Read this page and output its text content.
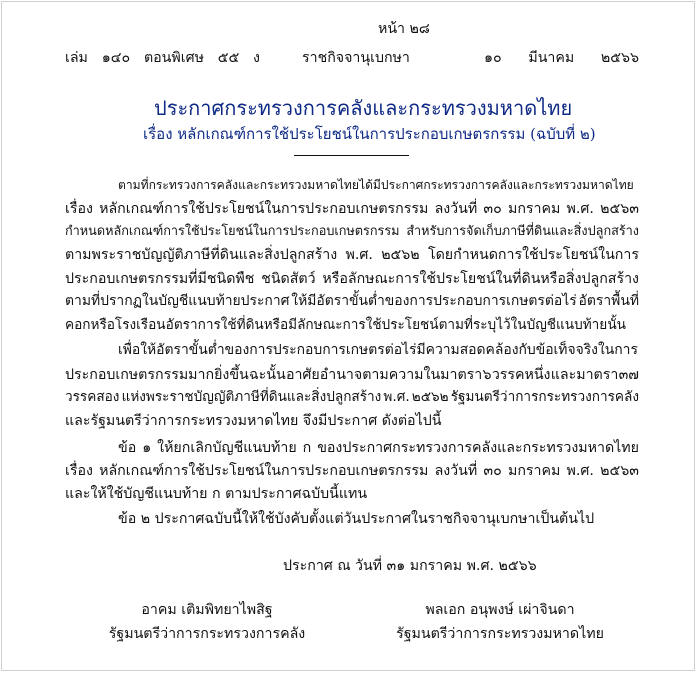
หน้า ๒๘
เล่ม ๑๔๐ ตอนพิเศษ ๕๕ ง	ราชกิจจานุเบกษา	๑๐ มีนาคม ๒๕๖๖
ประกาศกระทรวงการคลังและกระทรวงมหาดไทย
เรื่อง หลักเกณฑ์การใช้ประโยชน์ในการประกอบเกษตรกรรม (ฉบับที่ ๒)
ตามที่กระทรวงการคลังและกระทรวงมหาดไทยได้มีประกาศกระทรวงการคลังและกระทรวงมหาดไทย
เรื่อง หลักเกณฑ์การใช้ประโยชน์ในการประกอบเกษตรกรรม ลงวันที่ ๓๐ มกราคม พ.ศ. ๒๕๖๓
กำหนดหลักเกณฑ์การใช้ประโยชน์ในการประกอบเกษตรกรรม สำหรับการจัดเก็บภาษีที่ดินและสิ่งปลูกสร้าง
ตามพระราชบัญญัติภาษีที่ดินและสิ่งปลูกสร้าง พ.ศ. ๒๕๖๒ โดยกำหนดการใช้ประโยชน์ในการ
ประกอบเกษตรกรรมที่มีชนิดพืช ชนิดสัตว์ หรือลักษณะการใช้ประโยชน์ในที่ดินหรือสิ่งปลูกสร้าง
ตามที่ปรากฏในบัญชีแนบท้ายประกาศ ให้มีอัตราขั้นต่ำของการประกอบการเกษตรต่อไร่ อัตราพื้นที่
คอกหรือโรงเรือน อัตราการใช้ที่ดินหรือมีลักษณะการใช้ประโยชน์ตามที่ระบุไว้ในบัญชีแนบท้าย นั้น
เพื่อให้อัตราขั้นต่ำของการประกอบการเกษตรต่อไร่มีความสอดคล้องกับข้อเท็จจริงในการ
ประกอบเกษตรกรรมมากยิ่งขึ้น ฉะนั้น อาศัยอำนาจตามความในมาตรา ๖ วรรคหนึ่ง และมาตรา ๓๗
วรรคสอง แห่งพระราชบัญญัติภาษีที่ดินและสิ่งปลูกสร้าง พ.ศ. ๒๕๖๒ รัฐมนตรีว่าการกระทรวงการคลัง
และรัฐมนตรีว่าการกระทรวงมหาดไทย จึงมีประกาศ ดังต่อไปนี้
ข้อ ๑ ให้ยกเลิกบัญชีแนบท้าย ก ของประกาศกระทรวงการคลังและกระทรวงมหาดไทย
เรื่อง หลักเกณฑ์การใช้ประโยชน์ในการประกอบเกษตรกรรม ลงวันที่ ๓๐ มกราคม พ.ศ. ๒๕๖๓
และให้ใช้บัญชีแนบท้าย ก ตามประกาศฉบับนี้แทน
ข้อ ๒ ประกาศฉบับนี้ให้ใช้บังคับตั้งแต่วันประกาศในราชกิจจานุเบกษาเป็นต้นไป
ประกาศ ณ วันที่ ๓๑ มกราคม พ.ศ. ๒๕๖๖
อาคม เติมพิทยาไพสิฐ
รัฐมนตรีว่าการกระทรวงการคลัง
พลเอก อนุพงษ์ เผ่าจินดา
รัฐมนตรีว่าการกระทรวงมหาดไทย
